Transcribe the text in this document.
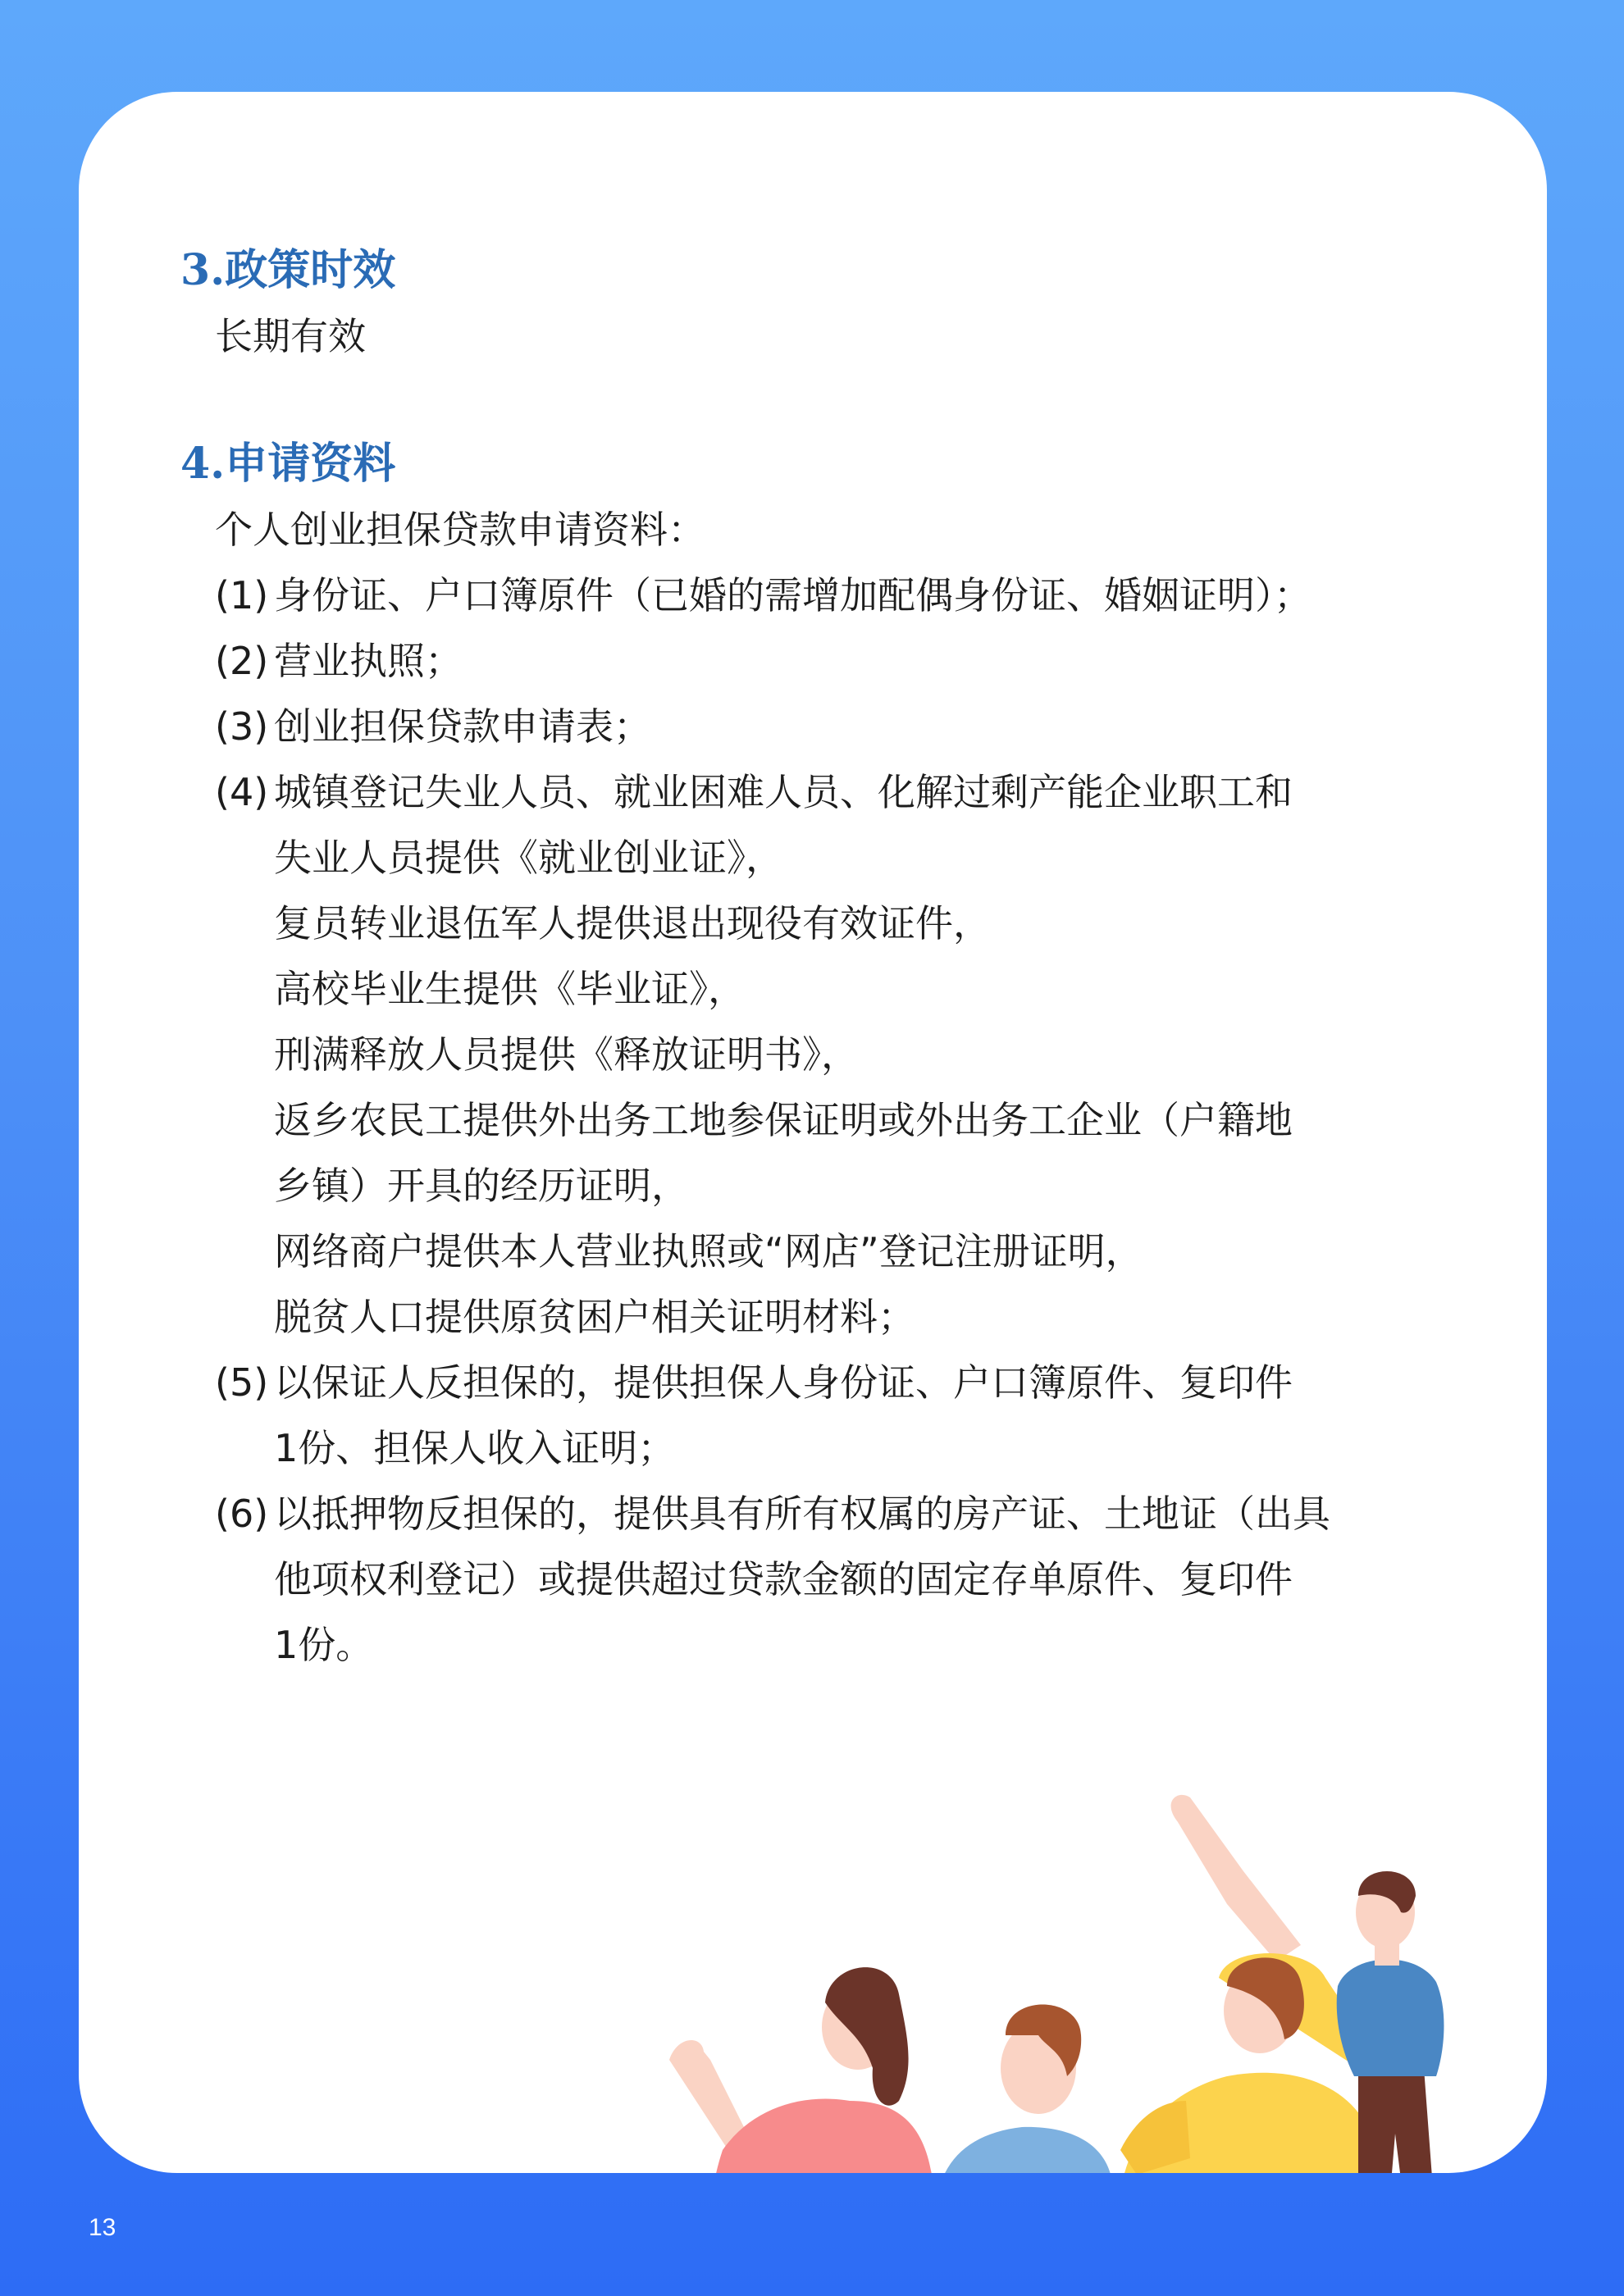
3.政策时效

长期有效

4.申请资料

个人创业担保贷款申请资料：

(1) 身份证、户口簿原件（已婚的需增加配偶身份证、婚姻证明）；
(2) 营业执照；
(3) 创业担保贷款申请表；
(4) 城镇登记失业人员、就业困难人员、化解过剩产能企业职工和
失业人员提供《就业创业证》，
复员转业退伍军人提供退出现役有效证件，
高校毕业生提供《毕业证》，
刑满释放人员提供《释放证明书》，
返乡农民工提供外出务工地参保证明或外出务工企业（户籍地
乡镇）开具的经历证明，
网络商户提供本人营业执照或“网店”登记注册证明，
脱贫人口提供原贫困户相关证明材料；
(5) 以保证人反担保的，提供担保人身份证、户口簿原件、复印件
1份、担保人收入证明；
(6) 以抵押物反担保的，提供具有所有权属的房产证、土地证（出具
他项权利登记）或提供超过贷款金额的固定存单原件、复印件
1份。
13
